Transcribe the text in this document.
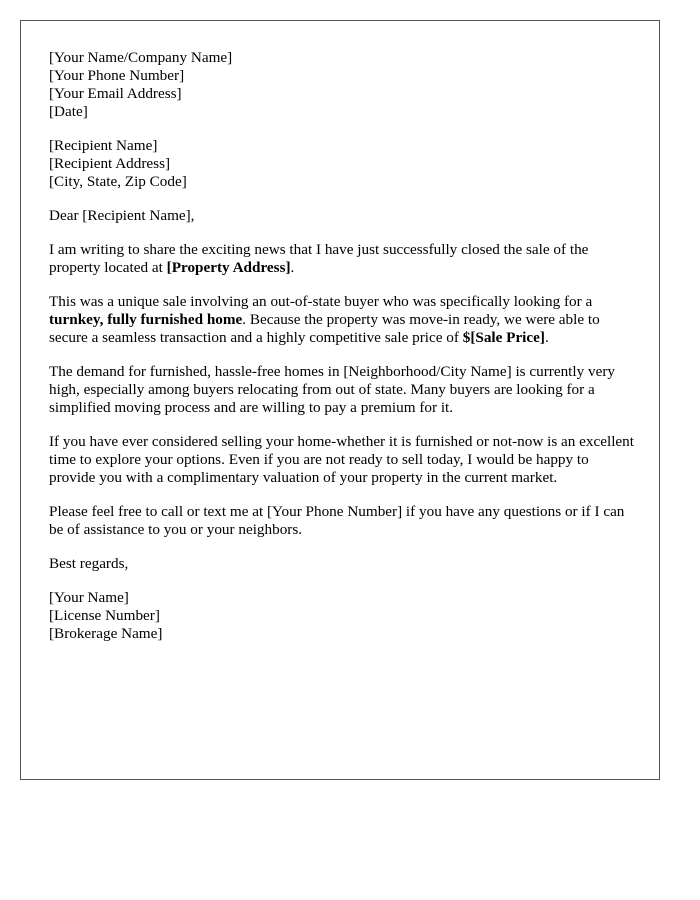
[Your Name/Company Name]
[Your Phone Number]
[Your Email Address]
[Date]
[Recipient Name]
[Recipient Address]
[City, State, Zip Code]

Dear [Recipient Name],

I am writing to share the exciting news that I have just successfully closed the sale of the property located at [Property Address].

This was a unique sale involving an out-of-state buyer who was specifically looking for a turnkey, fully furnished home. Because the property was move-in ready, we were able to secure a seamless transaction and a highly competitive sale price of $[Sale Price].

The demand for furnished, hassle-free homes in [Neighborhood/City Name] is currently very high, especially among buyers relocating from out of state. Many buyers are looking for a simplified moving process and are willing to pay a premium for it.

If you have ever considered selling your home-whether it is furnished or not-now is an excellent time to explore your options. Even if you are not ready to sell today, I would be happy to provide you with a complimentary valuation of your property in the current market.

Please feel free to call or text me at [Your Phone Number] if you have any questions or if I can be of assistance to you or your neighbors.

Best regards,

[Your Name]
[License Number]
[Brokerage Name]
